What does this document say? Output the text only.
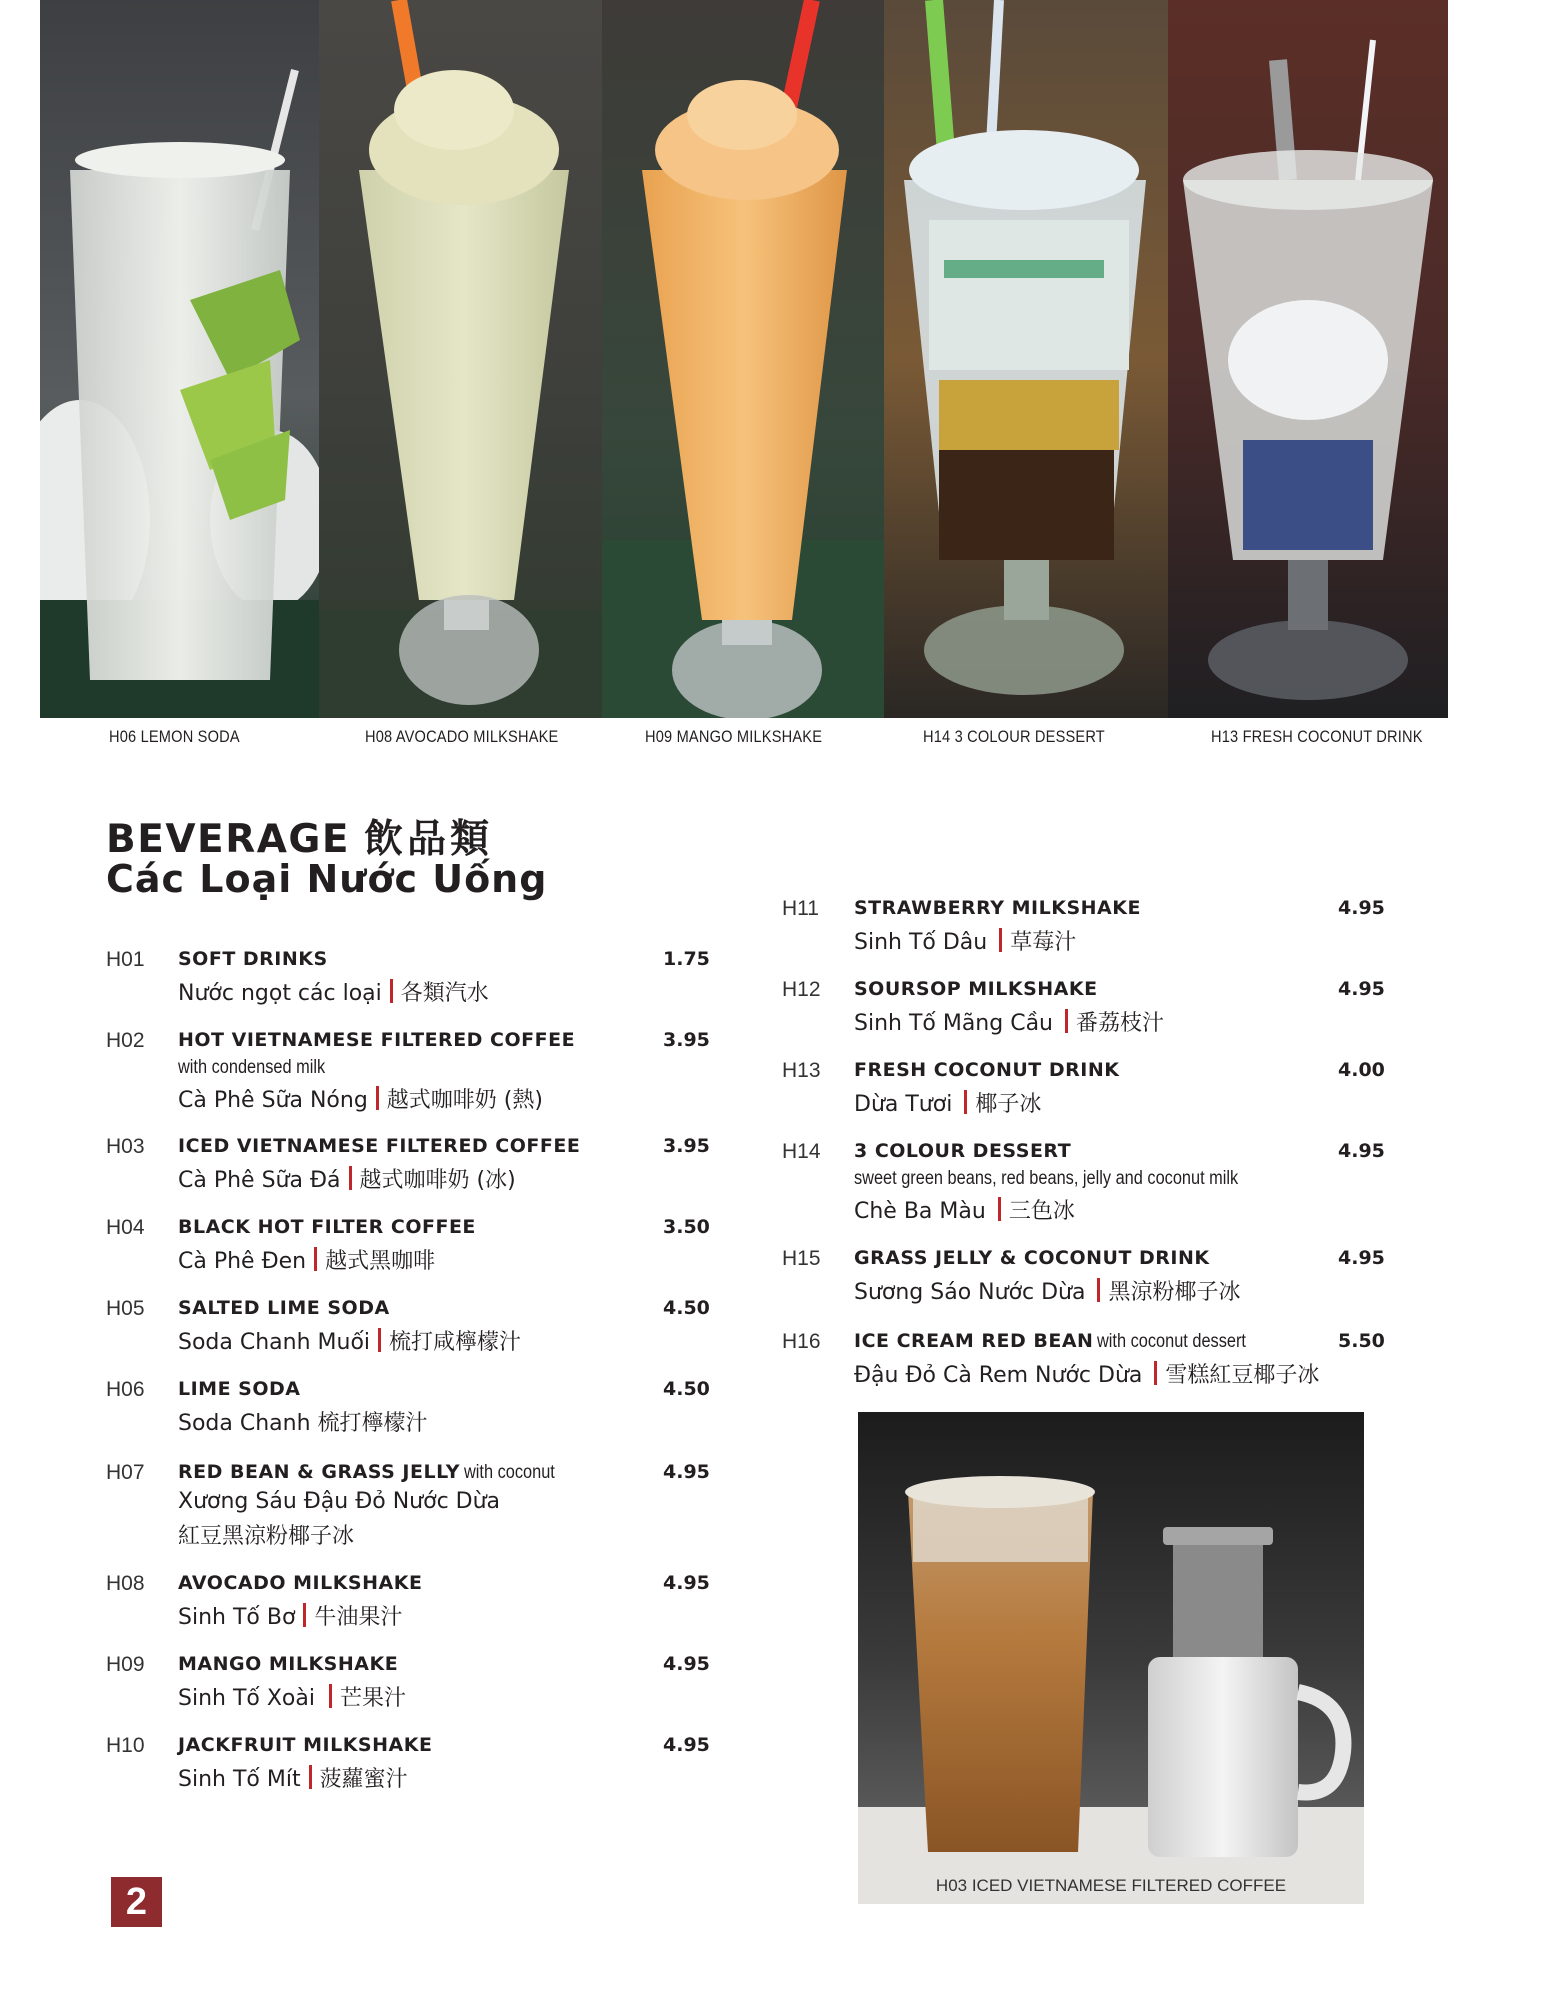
H06 LEMON SODA	H08 AVOCADO MILKSHAKE	H09 MANGO MILKSHAKE	H14 3 COLOUR DESSERT	H13 FRESH COCONUT DRINK
BEVERAGE 飲品類
Các Loại Nước Uống
H01 SOFT DRINKS	1.75
Nước ngọt các loại 各類汽水
H02 HOT VIETNAMESE FILTERED COFFEE	3.95
with condensed milk
Cà Phê Sữa Nóng 越式咖啡奶 (熱)
H03 ICED VIETNAMESE FILTERED COFFEE	3.95
Cà Phê Sữa Đá 越式咖啡奶 (冰)
H04 BLACK HOT FILTER COFFEE	3.50
Cà Phê Đen 越式黑咖啡
H05 SALTED LIME SODA	4.50
Soda Chanh Muối 梳打咸檸檬汁
H06 LIME SODA	4.50
Soda Chanh 梳打檸檬汁
H07 RED BEAN & GRASS JELLY with coconut	4.95
Xương Sáu Đậu Đỏ Nước Dừa
紅豆黑涼粉椰子冰
H08 AVOCADO MILKSHAKE	4.95
Sinh Tố Bơ 牛油果汁
H09 MANGO MILKSHAKE	4.95
Sinh Tố Xoài 芒果汁
H10 JACKFRUIT MILKSHAKE	4.95
Sinh Tố Mít 菠蘿蜜汁
H11 STRAWBERRY MILKSHAKE	4.95
Sinh Tố Dâu 草莓汁
H12 SOURSOP MILKSHAKE	4.95
Sinh Tố Mãng Cầu 番荔枝汁
H13 FRESH COCONUT DRINK	4.00
Dừa Tươi 椰子冰
H14 3 COLOUR DESSERT	4.95
sweet green beans, red beans, jelly and coconut milk
Chè Ba Màu 三色冰
H15 GRASS JELLY & COCONUT DRINK	4.95
Sương Sáo Nước Dừa 黑涼粉椰子冰
H16 ICE CREAM RED BEAN with coconut dessert	5.50
Đậu Đỏ Cà Rem Nước Dừa 雪糕紅豆椰子冰
H03 ICED VIETNAMESE FILTERED COFFEE
2
